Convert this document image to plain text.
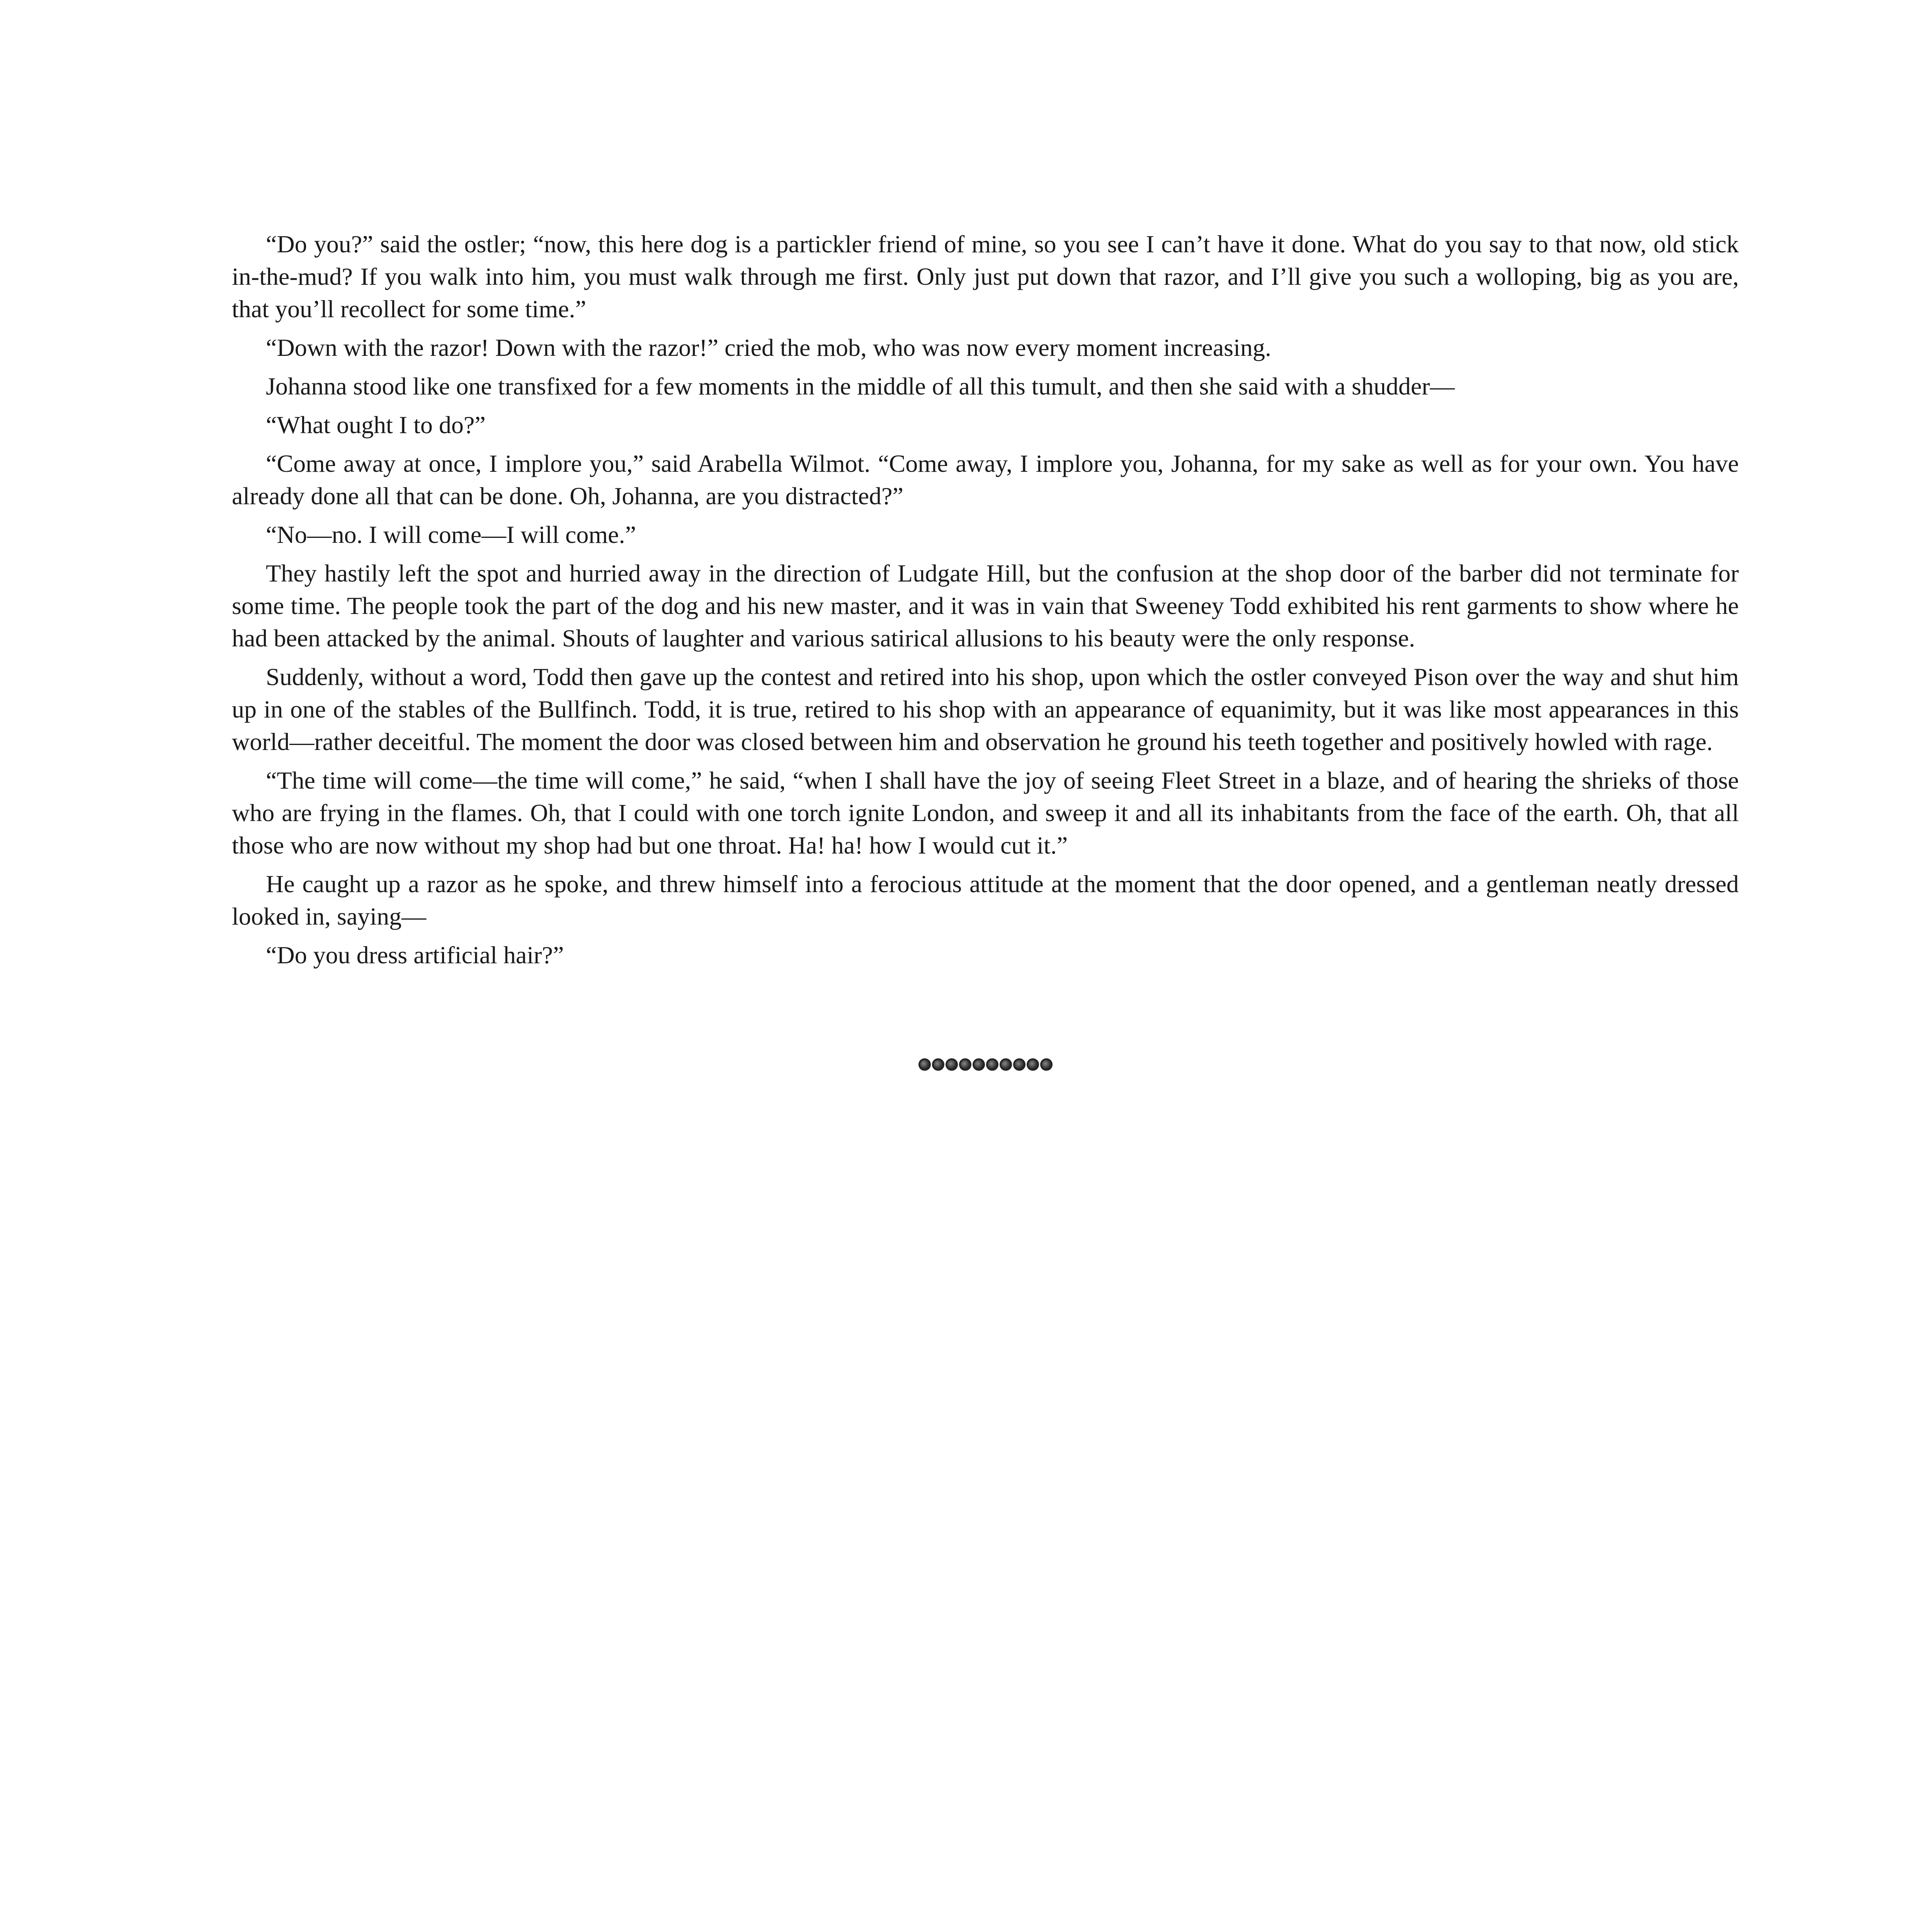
“Do you?” said the ostler; “now, this here dog is a partickler friend of mine, so you see I can’t have it done. What do you say to that now, old stick in-the-mud? If you walk into him, you must walk through me first. Only just put down that razor, and I’ll give you such a wolloping, big as you are, that you’ll recollect for some time.”

“Down with the razor! Down with the razor!” cried the mob, who was now every moment increasing.

Johanna stood like one transfixed for a few moments in the middle of all this tumult, and then she said with a shudder—

“What ought I to do?”

“Come away at once, I implore you,” said Arabella Wilmot. “Come away, I implore you, Johanna, for my sake as well as for your own. You have already done all that can be done. Oh, Johanna, are you distracted?”

“No—no. I will come—I will come.”

They hastily left the spot and hurried away in the direction of Ludgate Hill, but the confusion at the shop door of the barber did not terminate for some time. The people took the part of the dog and his new master, and it was in vain that Sweeney Todd exhibited his rent garments to show where he had been attacked by the animal. Shouts of laughter and various satirical allusions to his beauty were the only response.

Suddenly, without a word, Todd then gave up the contest and retired into his shop, upon which the ostler conveyed Pison over the way and shut him up in one of the stables of the Bullfinch. Todd, it is true, retired to his shop with an appearance of equanimity, but it was like most appearances in this world—rather deceitful. The moment the door was closed between him and observation he ground his teeth together and positively howled with rage.

“The time will come—the time will come,” he said, “when I shall have the joy of seeing Fleet Street in a blaze, and of hearing the shrieks of those who are frying in the flames. Oh, that I could with one torch ignite London, and sweep it and all its inhabitants from the face of the earth. Oh, that all those who are now without my shop had but one throat. Ha! ha! how I would cut it.”

He caught up a razor as he spoke, and threw himself into a ferocious attitude at the moment that the door opened, and a gentleman neatly dressed looked in, saying—

“Do you dress artificial hair?”
